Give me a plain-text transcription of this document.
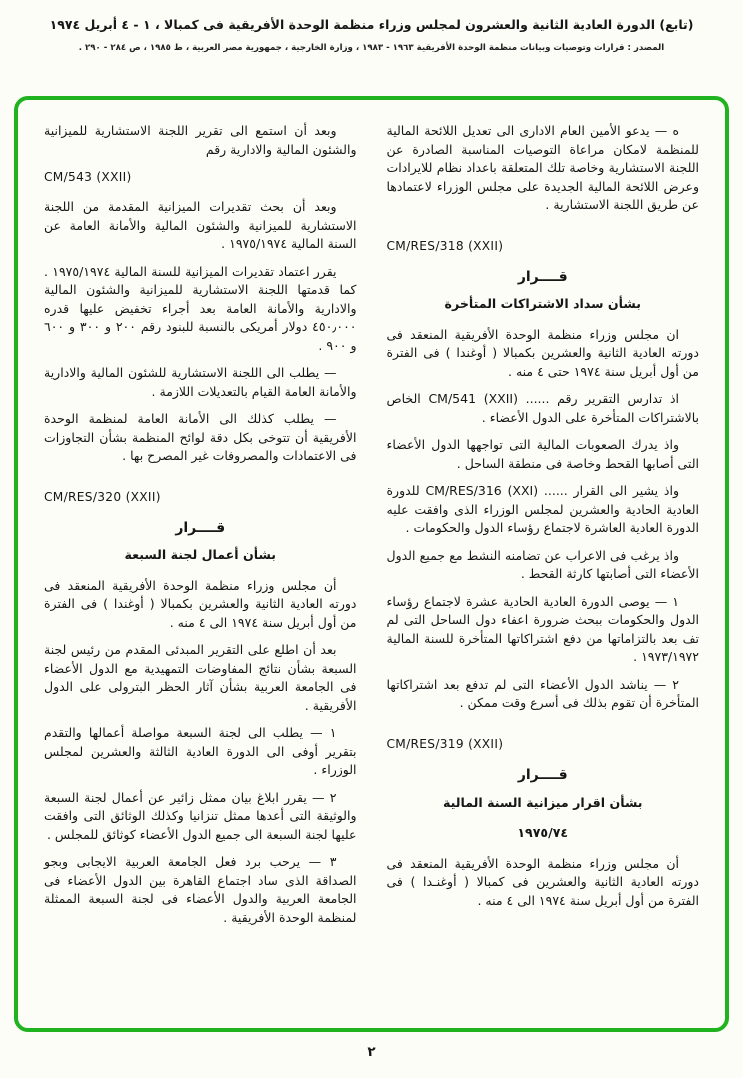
(تابع) الدورة العادية الثانية والعشرون لمجلس وزراء منظمة الوحدة الأفريقية فى كمبالا ، ١ - ٤ أبريل ١٩٧٤
المصدر : قرارات وتوصيات وبيانات منظمة الوحدة الأفريقية ١٩٦٣ - ١٩٨٣ ، وزارة الخارجية ، جمهورية مصر العربية ، ط ١٩٨٥ ، ص ٢٨٤ - ٢٩٠ .
ه — يدعو الأمين العام الادارى الى تعديل اللائحة المالية للمنظمة لامكان مراعاة التوصيات المناسبة الصادرة عن اللجنة الاستشارية وخاصة تلك المتعلقة باعداد نظام للايرادات وعرض اللائحة المالية الجديدة على مجلس الوزراء لاعتمادها عن طريق اللجنة الاستشارية .
CM/RES/318 (XXII)
قــــرار
بشأن سداد الاشتراكات المتأخرة
ان مجلس وزراء منظمة الوحدة الأفريقية المنعقد فى دورته العادية الثانية والعشرين بكمبالا ( أوغندا ) فى الفترة من أول أبريل سنة ١٩٧٤ حتى ٤ منه .
اذ تدارس التقرير رقم ...... ‎CM/541 (XXII)‎ الخاص بالاشتراكات المتأخرة على الدول الأعضاء .
واذ يدرك الصعوبات المالية التى تواجهها الدول الأعضاء التى أصابها القحط وخاصة فى منطقة الساحل .
واذ يشير الى القرار ...... ‎CM/RES/316 (XXI)‎ للدورة العادية الحادية والعشرين لمجلس الوزراء الذى وافقت عليه الدورة العادية العاشرة لاجتماع رؤساء الدول والحكومات .
واذ يرغب فى الاعراب عن تضامنه النشط مع جميع الدول الأعضاء التى أصابتها كارثة القحط .
١ — يوصى الدورة العادية الحادية عشرة لاجتماع رؤساء الدول والحكومات ببحث ضرورة اعفاء دول الساحل التى لم تف بعد بالتزاماتها من دفع اشتراكاتها المتأخرة للسنة المالية ١٩٧٣/١٩٧٢ .
٢ — يناشد الدول الأعضاء التى لم تدفع بعد اشتراكاتها المتأخرة أن تقوم بذلك فى أسرع وقت ممكن .
CM/RES/319 (XXII)
قــــرار
بشأن اقرار ميزانية السنة المالية
١٩٧٥/٧٤
أن مجلس وزراء منظمة الوحدة الأفريقية المنعقد فى دورته العادية الثانية والعشرين فى كمبالا ( أوغنـدا ) فى الفترة من أول أبريل سنة ١٩٧٤ الى ٤ منه .
وبعد أن استمع الى تقرير اللجنة الاستشارية للميزانية والشئون المالية والادارية رقم
CM/543 (XXII)
وبعد أن بحث تقديرات الميزانية المقدمة من اللجنة الاستشارية للميزانية والشئون المالية والأمانة العامة عن السنة المالية ١٩٧٥/١٩٧٤ .
يقرر اعتماد تقديرات الميزانية للسنة المالية ١٩٧٥/١٩٧٤ . كما قدمتها اللجنة الاستشارية للميزانية والشئون المالية والادارية والأمانة العامة بعد أجراء تخفيض عليها قدره ٤٥٠٫٠٠٠ دولار أمريكى بالنسبة للبنود رقم ٢٠٠ و ٣٠٠ و ٦٠٠ و ٩٠٠ .
— يطلب الى اللجنة الاستشارية للشئون المالية والادارية والأمانة العامة القيام بالتعديلات اللازمة .
— يطلب كذلك الى الأمانة العامة لمنظمة الوحدة الأفريقية أن تتوخى بكل دقة لوائح المنظمة بشأن التجاوزات فى الاعتمادات والمصروفات غير المصرح بها .
CM/RES/320 (XXII)
قــــرار
بشأن أعمال لجنة السبعة
أن مجلس وزراء منظمة الوحدة الأفريقية المنعقد فى دورته العادية الثانية والعشرين بكمبالا ( أوغندا ) فى الفترة من أول أبريل سنة ١٩٧٤ الى ٤ منه .
بعد أن اطلع على التقرير المبدئى المقدم من رئيس لجنة السبعة بشأن نتائج المفاوضات التمهيدية مع الدول الأعضاء فى الجامعة العربية بشأن آثار الحظر البترولى على الدول الأفريقية .
١ — يطلب الى لجنة السبعة مواصلة أعمالها والتقدم بتقرير أوفى الى الدورة العادية الثالثة والعشرين لمجلس الوزراء .
٢ — يقرر ابلاغ بيان ممثل زائير عن أعمال لجنة السبعة والوثيقة التى أعدها ممثل تنزانيا وكذلك الوثائق التى وافقت عليها لجنة السبعة الى جميع الدول الأعضاء كوثائق للمجلس .
٣ — يرحب برد فعل الجامعة العربية الايجابى وبجو الصداقة الذى ساد اجتماع القاهرة بين الدول الأعضاء فى الجامعة العربية والدول الأعضاء فى لجنة السبعة الممثلة لمنظمة الوحدة الأفريقية .
٢
